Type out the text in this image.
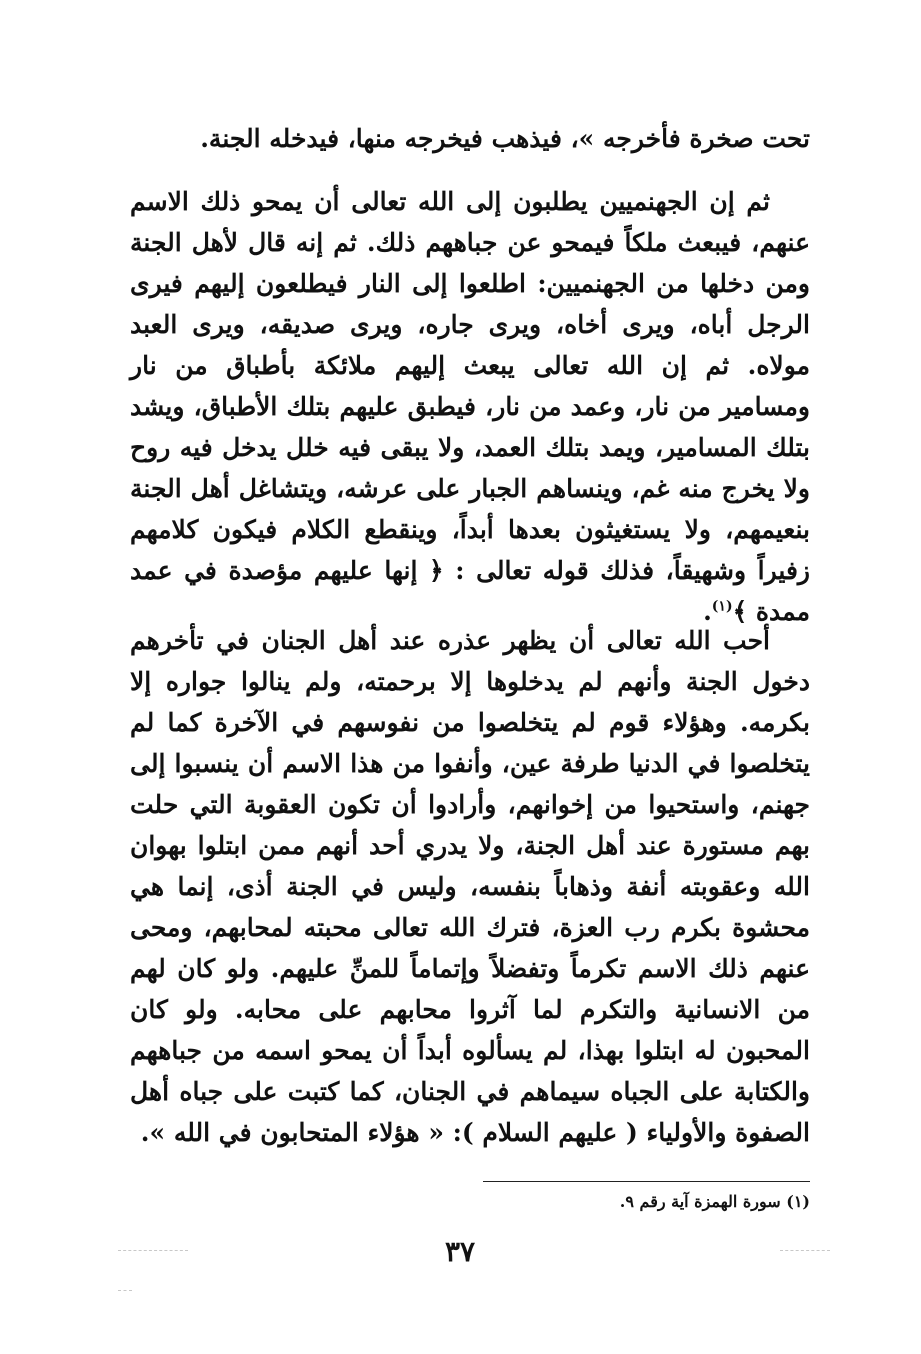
تحت صخرة فأخرجه »، فيذهب فيخرجه منها، فيدخله الجنة.

ثم إن الجهنميين يطلبون إلى الله تعالى أن يمحو ذلك الاسم عنهم، فيبعث ملكاً فيمحو عن جباههم ذلك. ثم إنه قال لأهل الجنة ومن دخلها من الجهنميين: اطلعوا إلى النار فيطلعون إليهم فيرى الرجل أباه، ويرى أخاه، ويرى جاره، ويرى صديقه، ويرى العبد مولاه. ثم إن الله تعالى يبعث إليهم ملائكة بأطباق من نار ومسامير من نار، وعمد من نار، فيطبق عليهم بتلك الأطباق، ويشد بتلك المسامير، ويمد بتلك العمد، ولا يبقى فيه خلل يدخل فيه روح ولا يخرج منه غم، وينساهم الجبار على عرشه، ويتشاغل أهل الجنة بنعيمهم، ولا يستغيثون بعدها أبداً، وينقطع الكلام فيكون كلامهم زفيراً وشهيقاً، فذلك قوله تعالى : ﴿ إنها عليهم مؤصدة في عمد ممدة ﴾$^{(١)}$.

أحب الله تعالى أن يظهر عذره عند أهل الجنان في تأخرهم دخول الجنة وأنهم لم يدخلوها إلا برحمته، ولم ينالوا جواره إلا بكرمه. وهؤلاء قوم لم يتخلصوا من نفوسهم في الآخرة كما لم يتخلصوا في الدنيا طرفة عين، وأنفوا من هذا الاسم أن ينسبوا إلى جهنم، واستحيوا من إخوانهم، وأرادوا أن تكون العقوبة التي حلت بهم مستورة عند أهل الجنة، ولا يدري أحد أنهم ممن ابتلوا بهوان الله وعقوبته أنفة وذهاباً بنفسه، وليس في الجنة أذى، إنما هي محشوة بكرم رب العزة، فترك الله تعالى محبته لمحابهم، ومحى عنهم ذلك الاسم تكرماً وتفضلاً وإتماماً للمنِّ عليهم. ولو كان لهم من الانسانية والتكرم لما آثروا محابهم على محابه. ولو كان المحبون له ابتلوا بهذا، لم يسألوه أبداً أن يمحو اسمه من جباههم والكتابة على الجباه سيماهم في الجنان، كما كتبت على جباه أهل الصفوة والأولياء ( عليهم السلام ): « هؤلاء المتحابون في الله ».

(١) سورة الهمزة آية رقم ٩.
٣٧
